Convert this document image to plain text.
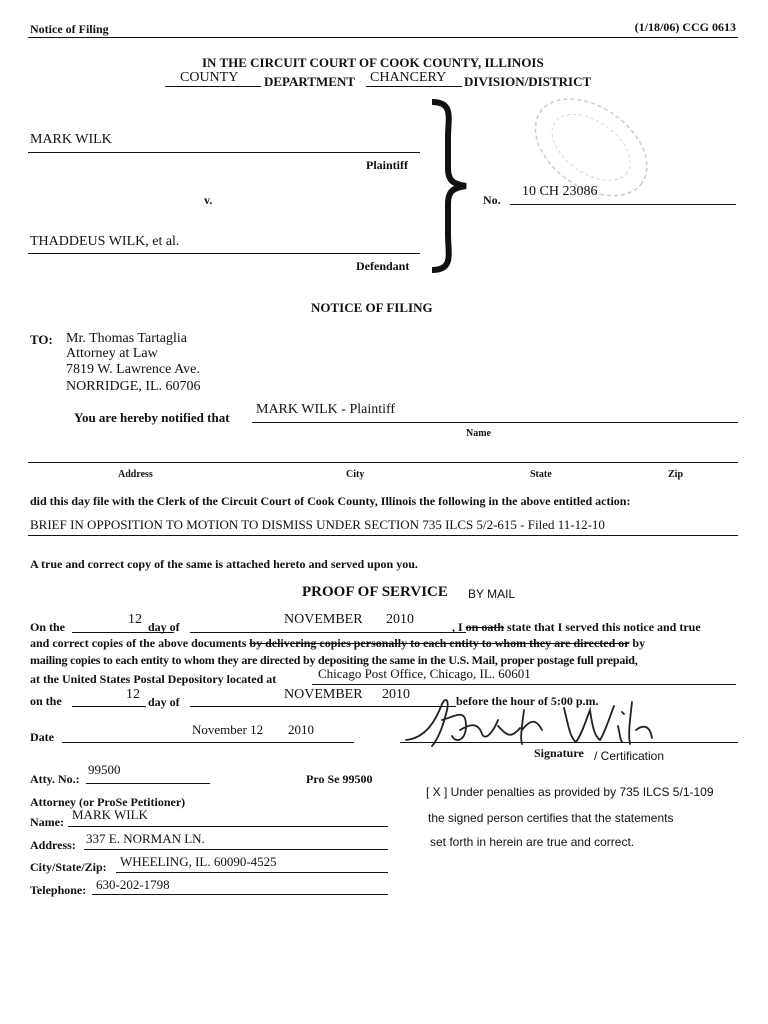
Notice of Filing	(1/18/06) CCG 0613
IN THE CIRCUIT COURT OF COOK COUNTY, ILLINOIS
COUNTY DEPARTMENT CHANCERY DIVISION/DISTRICT
MARK WILK
Plaintiff
v.
THADDEUS WILK, et al.
Defendant
No.
10 CH 23086
NOTICE OF FILING
TO: Mr. Thomas Tartaglia
Attorney at Law
7819 W. Lawrence Ave.
NORRIDGE, IL. 60706
You are hereby notified that
MARK WILK - Plaintiff
Name
Address	City	State	Zip
did this day file with the Clerk of the Circuit Court of Cook County, Illinois the following in the above entitled action:
BRIEF IN OPPOSITION TO MOTION TO DISMISS UNDER SECTION 735 ILCS 5/2-615 - Filed 11-12-10
A true and correct copy of the same is attached hereto and served upon you.
PROOF OF SERVICE BY MAIL
On the	12 day of	NOVEMBER 2010	, I on oath state that I served this notice and true
and correct copies of the above documents by delivering copies personally to each entity to whom they are directed or by
mailing copies to each entity to whom they are directed by depositing the same in the U.S. Mail, proper postage full prepaid,
at the United States Postal Depository located at	Chicago Post Office, Chicago, IL. 60601
on the	12 day of	NOVEMBER 2010	before the hour of 5:00 p.m.
Date	November 12 2010
Signature / Certification
Atty. No.:
99500
Pro Se 99500
Attorney (or ProSe Petitioner)
Name: MARK WILK
Address: 337 E. NORMAN LN.
City/State/Zip: WHEELING, IL. 60090-4525
Telephone: 630-202-1798
[ X ] Under penalties as provided by 735 ILCS 5/1-109
the signed person certifies that the statements
set forth in herein are true and correct.
